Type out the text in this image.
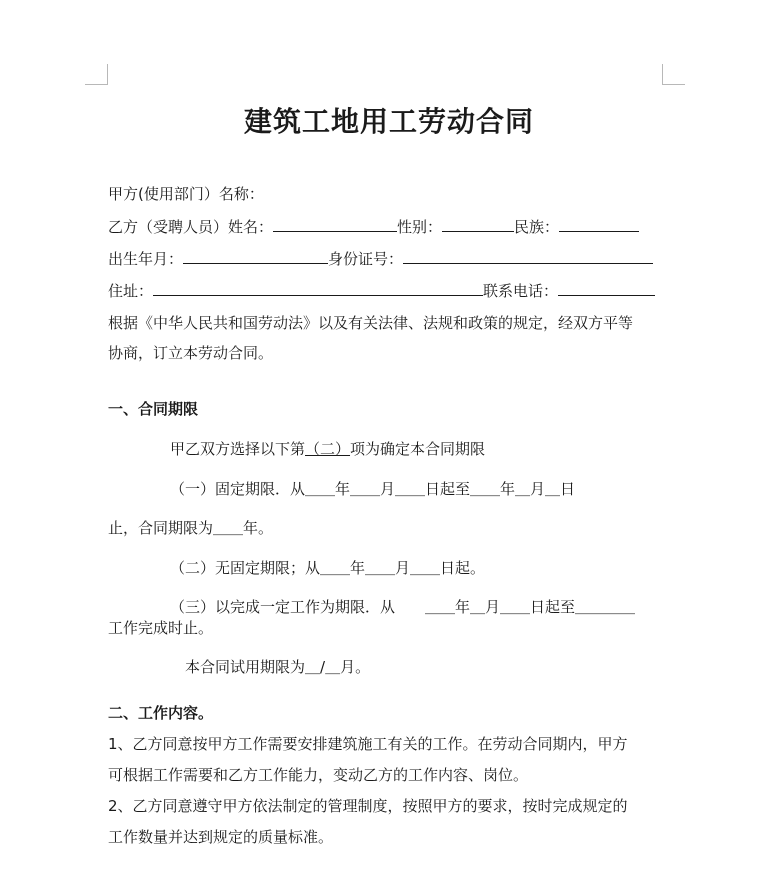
建筑工地用工劳动合同
甲方(使用部门）名称：
乙方（受聘人员）姓名：	性别：	民族：
出生年月：	身份证号：
住址：	联系电话：
根据《中华人民共和国劳动法》以及有关法律、法规和政策的规定，经双方平等
协商，订立本劳动合同。
一、合同期限
甲乙双方选择以下第（二）项为确定本合同期限
（一）固定期限．从＿＿年＿＿月＿＿日起至＿＿年＿月＿日
止，合同期限为＿＿年。
（二）无固定期限；从＿＿年＿＿月＿＿日起。
（三）以完成一定工作为期限．从　　＿＿年＿月＿＿日起至＿＿＿＿
工作完成时止。
本合同试用期限为＿/＿月。
二、工作内容。
1、乙方同意按甲方工作需要安排建筑施工有关的工作。在劳动合同期内，甲方
可根据工作需要和乙方工作能力，变动乙方的工作内容、岗位。
2、乙方同意遵守甲方依法制定的管理制度，按照甲方的要求，按时完成规定的
工作数量并达到规定的质量标准。
